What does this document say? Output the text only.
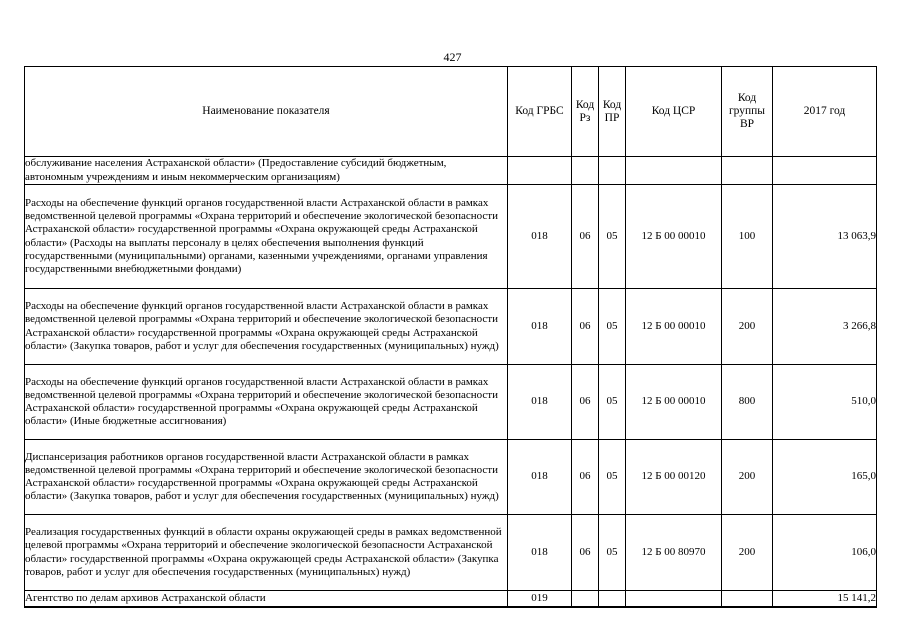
427
Наименование показателя	Код ГРБС	Код Рз	Код ПР	Код ЦСР	Код группы ВР	2017 год
обслуживание населения Астраханской области» (Предоставление субсидий бюджетным, автономным учреждениям и иным некоммерческим организациям)						
Расходы на обеспечение функций органов государственной власти Астраханской области в рамках ведомственной целевой программы «Охрана территорий и обеспечение экологической безопасности Астраханской области» государственной программы «Охрана окружающей среды Астраханской области» (Расходы на выплаты персоналу в целях обеспечения выполнения функций государственными (муниципальными) органами, казенными учреждениями, органами управления государственными внебюджетными фондами)	018	06	05	12 Б 00 00010	100	13 063,9
Расходы на обеспечение функций органов государственной власти Астраханской области в рамках ведомственной целевой программы «Охрана территорий и обеспечение экологической безопасности Астраханской области» государственной программы «Охрана окружающей среды Астраханской области» (Закупка товаров, работ и услуг для обеспечения государственных (муниципальных) нужд)	018	06	05	12 Б 00 00010	200	3 266,8
Расходы на обеспечение функций органов государственной власти Астраханской области в рамках ведомственной целевой программы «Охрана территорий и обеспечение экологической безопасности Астраханской области» государственной программы «Охрана окружающей среды Астраханской области» (Иные бюджетные ассигнования)	018	06	05	12 Б 00 00010	800	510,0
Диспансеризация работников органов государственной власти Астраханской области в рамках ведомственной целевой программы «Охрана территорий и обеспечение экологической безопасности Астраханской области» государственной программы «Охрана окружающей среды Астраханской области» (Закупка товаров, работ и услуг для обеспечения государственных (муниципальных) нужд)	018	06	05	12 Б 00 00120	200	165,0
Реализация государственных функций в области охраны окружающей среды в рамках ведомственной целевой программы «Охрана территорий и обеспечение экологической безопасности Астраханской области» государственной программы «Охрана окружающей среды Астраханской области» (Закупка товаров, работ и услуг для обеспечения государственных (муниципальных) нужд)	018	06	05	12 Б 00 80970	200	106,0
Агентство по делам архивов Астраханской области	019					15 141,2
